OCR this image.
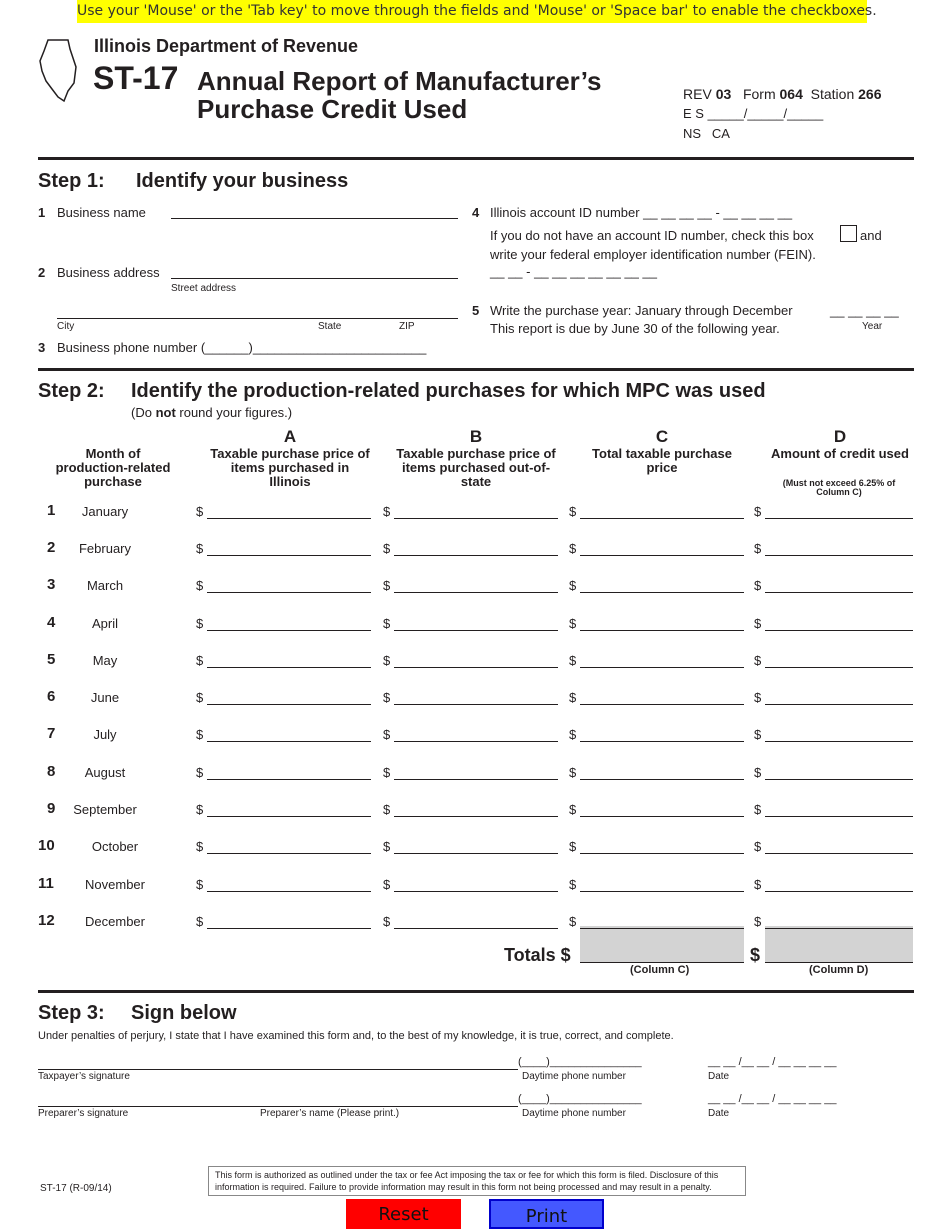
Use your 'Mouse' or the 'Tab key' to move through the fields and 'Mouse' or 'Space bar' to enable the checkboxes.
Illinois Department of Revenue
ST-17 Annual Report of Manufacturer’s
Purchase Credit Used	REV 03 Form 064 Station 266
E S _____/_____/_____
NS CA
Step 1: Identify your business
1 Business name
2 Business address
Street address
City	State	ZIP
3 Business phone number (______)________________________
4 Illinois account ID number __ __ __ __ - __ __ __ __
If you do not have an account ID number, check this box	and
write your federal employer identification number (FEIN).
__ __ - __ __ __ __ __ __ __
5 Write the purchase year: January through December	__ __ __ __
This report is due by June 30 of the following year.	Year
Step 2: Identify the production-related purchases for which MPC was used
(Do not round your figures.)
Month of production-related purchase	(Must not exceed 6.25% of Column C)
Totals $	$
(Column C)	(Column D)
Step 3: Sign below
Under penalties of perjury, I state that I have examined this form and, to the best of my knowledge, it is true, correct, and complete.
(____)_______________	__ __ /__ __ / __ __ __ __
Taxpayer’s signature	Daytime phone number	Date
(____)_______________	__ __ /__ __ / __ __ __ __
Preparer’s signature	Preparer’s name (Please print.)	Daytime phone number	Date
ST-17 (R-09/14)
This form is authorized as outlined under the tax or fee Act imposing the tax or fee for which this form is filed. Disclosure of this information is required. Failure to provide information may result in this form not being processed and may result in a penalty.
Reset	Print
A
Taxable purchase price of items purchased in Illinois
B
Taxable purchase price of items purchased out-of-state
C
Total taxable purchase price
D
Amount of credit used
1	January	$	$	$	$
2	February	$	$	$	$
3	March	$	$	$	$
4	April	$	$	$	$
5	May	$	$	$	$
6	June	$	$	$	$
7	July	$	$	$	$
8	August	$	$	$	$
9	September	$	$	$	$
10	October	$	$	$	$
11	November	$	$	$	$
12	December	$	$	$	$
